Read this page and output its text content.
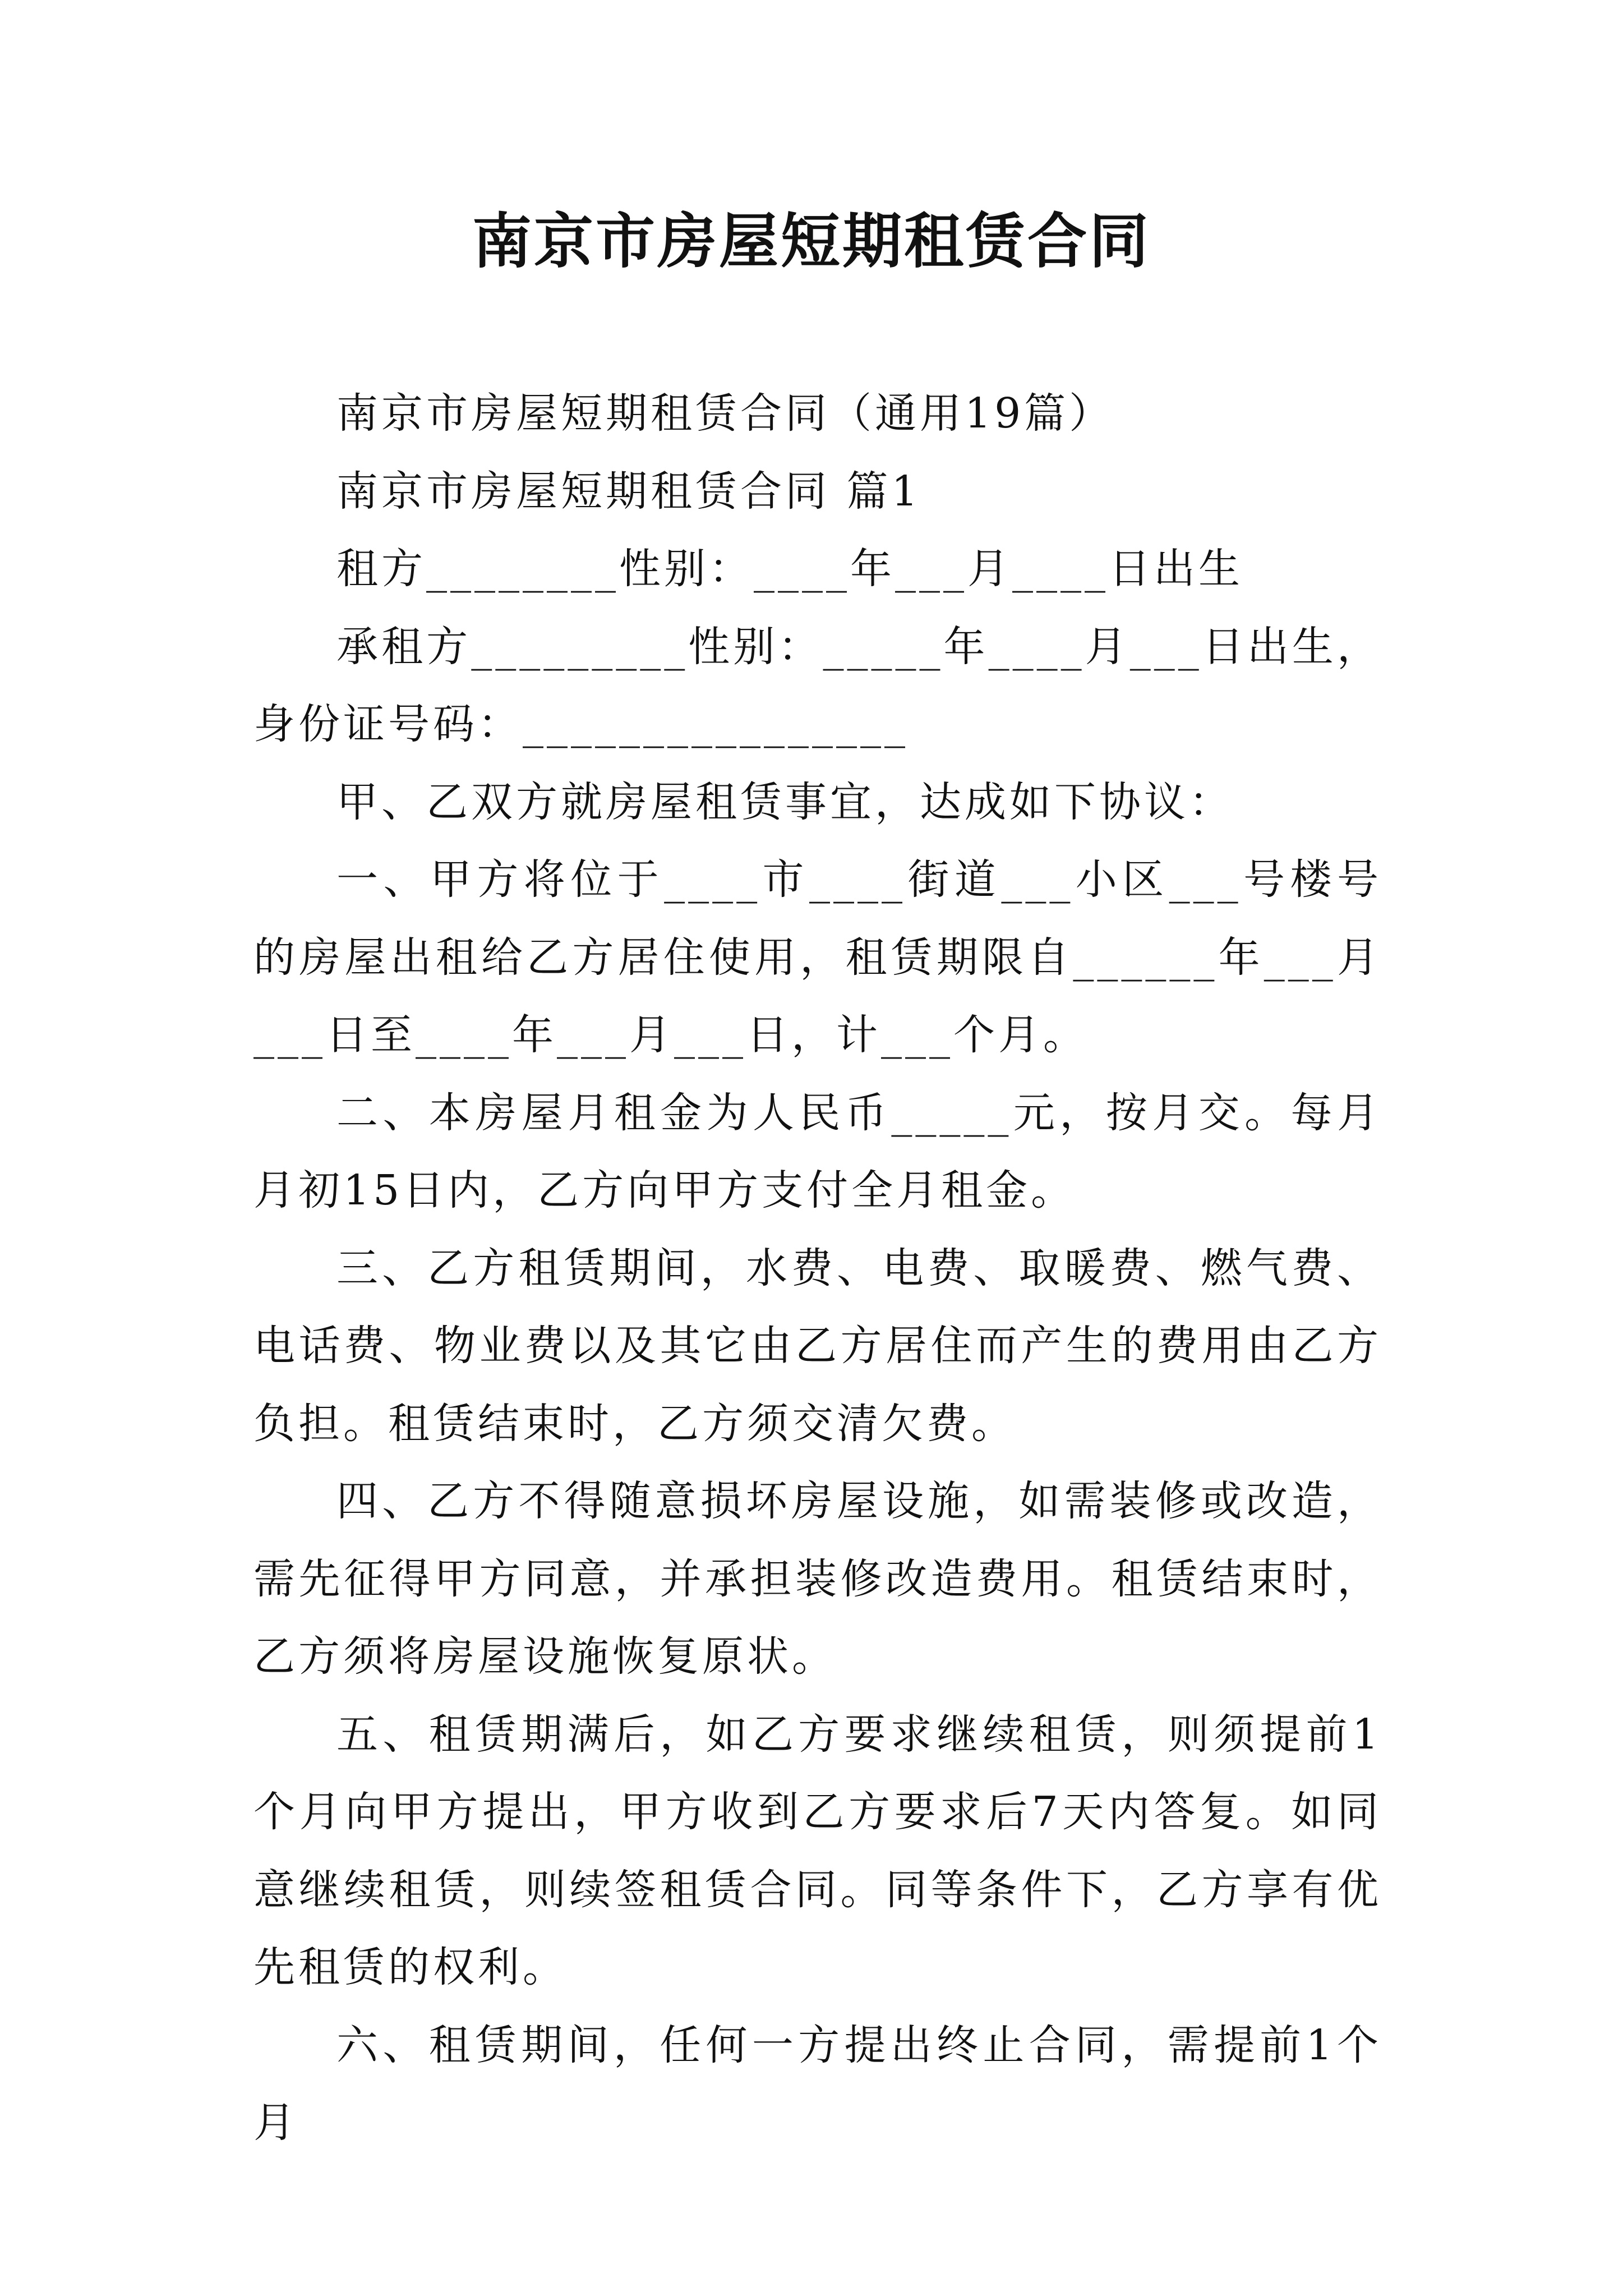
南京市房屋短期租赁合同

南京市房屋短期租赁合同（通用19篇）

南京市房屋短期租赁合同 篇1

租方________性别：____年___月____日出生

承租方_________性别：_____年____月___日出生，身份证号码：________________

甲、乙双方就房屋租赁事宜，达成如下协议：

一、甲方将位于____市____街道___小区___号楼号的房屋出租给乙方居住使用，租赁期限自______年___月___日至____年___月___日，计___个月。

二、本房屋月租金为人民币_____元，按月交。每月月初15日内，乙方向甲方支付全月租金。

三、乙方租赁期间，水费、电费、取暖费、燃气费、电话费、物业费以及其它由乙方居住而产生的费用由乙方负担。租赁结束时，乙方须交清欠费。

四、乙方不得随意损坏房屋设施，如需装修或改造，需先征得甲方同意，并承担装修改造费用。租赁结束时，乙方须将房屋设施恢复原状。

五、租赁期满后，如乙方要求继续租赁，则须提前1个月向甲方提出，甲方收到乙方要求后7天内答复。如同意继续租赁，则续签租赁合同。同等条件下，乙方享有优先租赁的权利。

六、租赁期间，任何一方提出终止合同，需提前1个月
